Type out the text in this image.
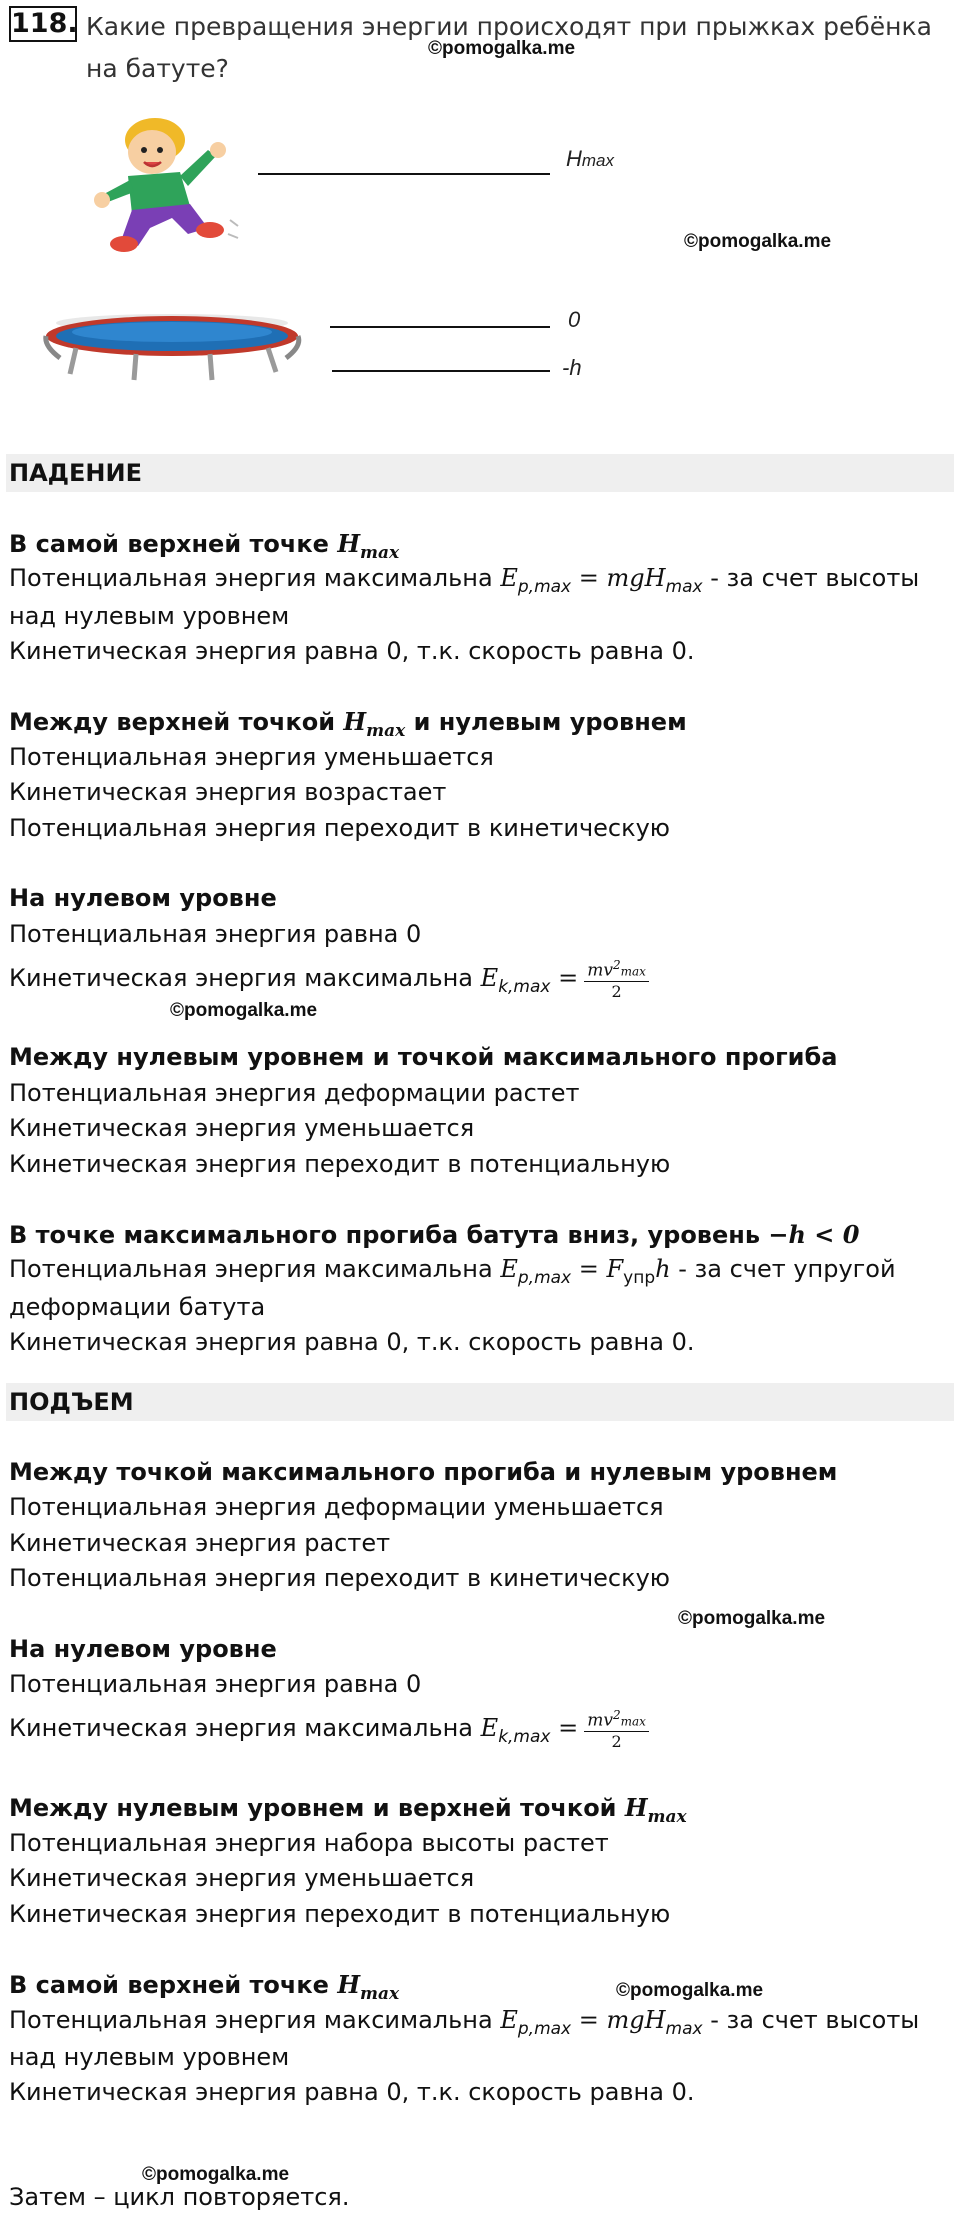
118. Какие превращения энергии происходят при прыжках ребёнка на батуте?
©pomogalka.me
Hmax
0
-h
©pomogalka.me
ПАДЕНИЕ
В самой верхней точке $H_{max}$
Потенциальная энергия максимальна $E_{p,max} = mgH_{max}$ - за счет высоты
над нулевым уровнем
Кинетическая энергия равна 0, т.к. скорость равна 0.
Между верхней точкой $H_{max}$ и нулевым уровнем
Потенциальная энергия уменьшается
Кинетическая энергия возрастает
Потенциальная энергия переходит в кинетическую
На нулевом уровне
Потенциальная энергия равна 0
Кинетическая энергия максимальна $E_{k,max} = \frac{mv^2\max}{2}$
©pomogalka.me
Между нулевым уровнем и точкой максимального прогиба
Потенциальная энергия деформации растет
Кинетическая энергия уменьшается
Кинетическая энергия переходит в потенциальную
В точке максимального прогиба батута вниз, уровень −h < 0
Потенциальная энергия максимальна $E_{p,max} = F_{упр}h$ - за счет упругой
деформации батута
Кинетическая энергия равна 0, т.к. скорость равна 0.
ПОДЪЕМ
Между точкой максимального прогиба и нулевым уровнем
Потенциальная энергия деформации уменьшается
Кинетическая энергия растет
Потенциальная энергия переходит в кинетическую
©pomogalka.me
На нулевом уровне
Потенциальная энергия равна 0
Кинетическая энергия максимальна $E_{k,max} = \frac{mv^2\max}{2}$
Между нулевым уровнем и верхней точкой $H_{max}$
Потенциальная энергия набора высоты растет
Кинетическая энергия уменьшается
Кинетическая энергия переходит в потенциальную
В самой верхней точке $H_{max}$	©pomogalka.me
Потенциальная энергия максимальна $E_{p,max} = mgH_{max}$ - за счет высоты
над нулевым уровнем
Кинетическая энергия равна 0, т.к. скорость равна 0.
©pomogalka.me
Затем – цикл повторяется.
